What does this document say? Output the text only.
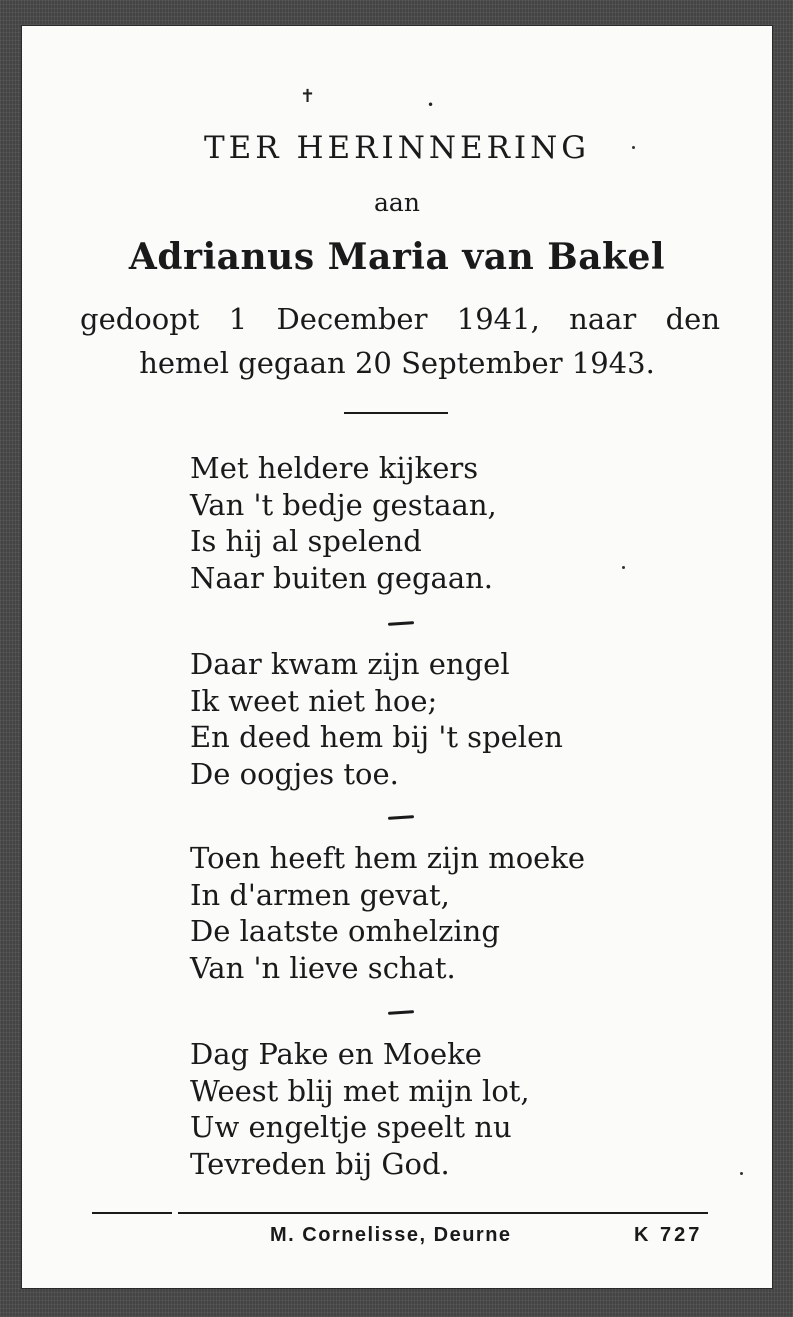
✝	•
TER HERINNERING
aan
Adrianus Maria van Bakel
gedoopt 1 December 1941, naar den
hemel gegaan 20 September 1943.
Met heldere kijkers
Van 't bedje gestaan,
Is hij al spelend
Naar buiten gegaan.
Daar kwam zijn engel
Ik weet niet hoe;
En deed hem bij 't spelen
De oogjes toe.
Toen heeft hem zijn moeke
In d'armen gevat,
De laatste omhelzing
Van 'n lieve schat.
Dag Pake en Moeke
Weest blij met mijn lot,
Uw engeltje speelt nu
Tevreden bij God.
M. Cornelisse, Deurne	K 727
